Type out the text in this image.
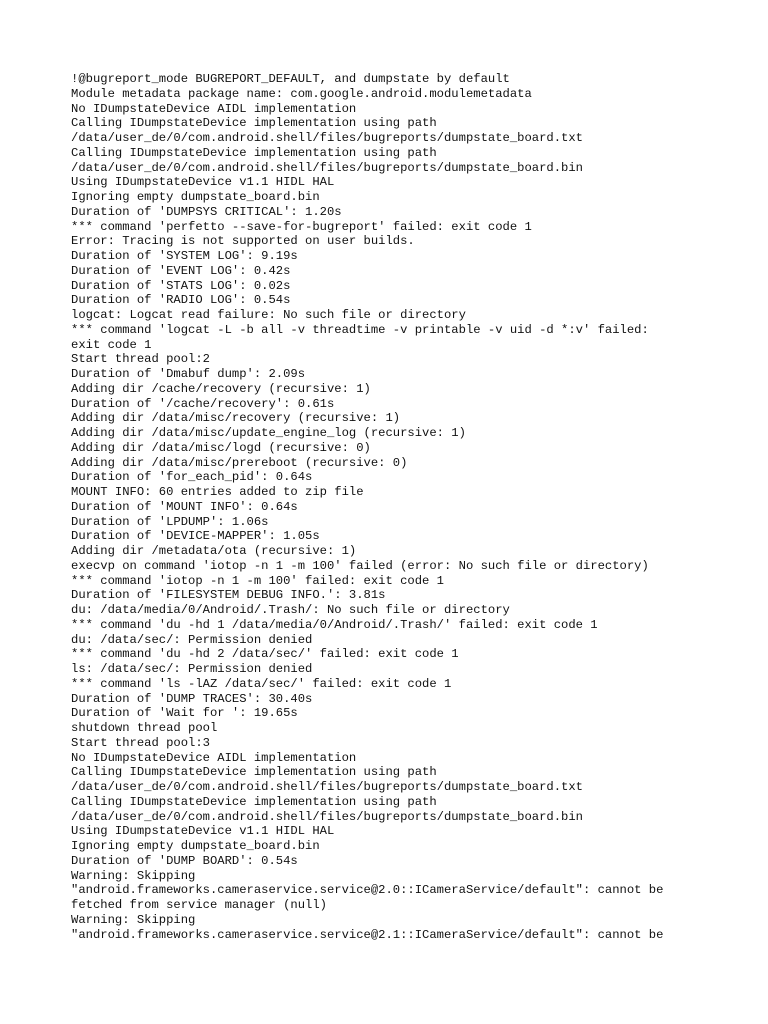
!@bugreport_mode BUGREPORT_DEFAULT, and dumpstate by default
Module metadata package name: com.google.android.modulemetadata
No IDumpstateDevice AIDL implementation
Calling IDumpstateDevice implementation using path
/data/user_de/0/com.android.shell/files/bugreports/dumpstate_board.txt
Calling IDumpstateDevice implementation using path
/data/user_de/0/com.android.shell/files/bugreports/dumpstate_board.bin
Using IDumpstateDevice v1.1 HIDL HAL
Ignoring empty dumpstate_board.bin
Duration of 'DUMPSYS CRITICAL': 1.20s
*** command 'perfetto --save-for-bugreport' failed: exit code 1
Error: Tracing is not supported on user builds.
Duration of 'SYSTEM LOG': 9.19s
Duration of 'EVENT LOG': 0.42s
Duration of 'STATS LOG': 0.02s
Duration of 'RADIO LOG': 0.54s
logcat: Logcat read failure: No such file or directory
*** command 'logcat -L -b all -v threadtime -v printable -v uid -d *:v' failed:
exit code 1
Start thread pool:2
Duration of 'Dmabuf dump': 2.09s
Adding dir /cache/recovery (recursive: 1)
Duration of '/cache/recovery': 0.61s
Adding dir /data/misc/recovery (recursive: 1)
Adding dir /data/misc/update_engine_log (recursive: 1)
Adding dir /data/misc/logd (recursive: 0)
Adding dir /data/misc/prereboot (recursive: 0)
Duration of 'for_each_pid': 0.64s
MOUNT INFO: 60 entries added to zip file
Duration of 'MOUNT INFO': 0.64s
Duration of 'LPDUMP': 1.06s
Duration of 'DEVICE-MAPPER': 1.05s
Adding dir /metadata/ota (recursive: 1)
execvp on command 'iotop -n 1 -m 100' failed (error: No such file or directory)
*** command 'iotop -n 1 -m 100' failed: exit code 1
Duration of 'FILESYSTEM DEBUG INFO.': 3.81s
du: /data/media/0/Android/.Trash/: No such file or directory
*** command 'du -hd 1 /data/media/0/Android/.Trash/' failed: exit code 1
du: /data/sec/: Permission denied
*** command 'du -hd 2 /data/sec/' failed: exit code 1
ls: /data/sec/: Permission denied
*** command 'ls -lAZ /data/sec/' failed: exit code 1
Duration of 'DUMP TRACES': 30.40s
Duration of 'Wait for ': 19.65s
shutdown thread pool
Start thread pool:3
No IDumpstateDevice AIDL implementation
Calling IDumpstateDevice implementation using path
/data/user_de/0/com.android.shell/files/bugreports/dumpstate_board.txt
Calling IDumpstateDevice implementation using path
/data/user_de/0/com.android.shell/files/bugreports/dumpstate_board.bin
Using IDumpstateDevice v1.1 HIDL HAL
Ignoring empty dumpstate_board.bin
Duration of 'DUMP BOARD': 0.54s
Warning: Skipping
"android.frameworks.cameraservice.service@2.0::ICameraService/default": cannot be
fetched from service manager (null)
Warning: Skipping
"android.frameworks.cameraservice.service@2.1::ICameraService/default": cannot be
